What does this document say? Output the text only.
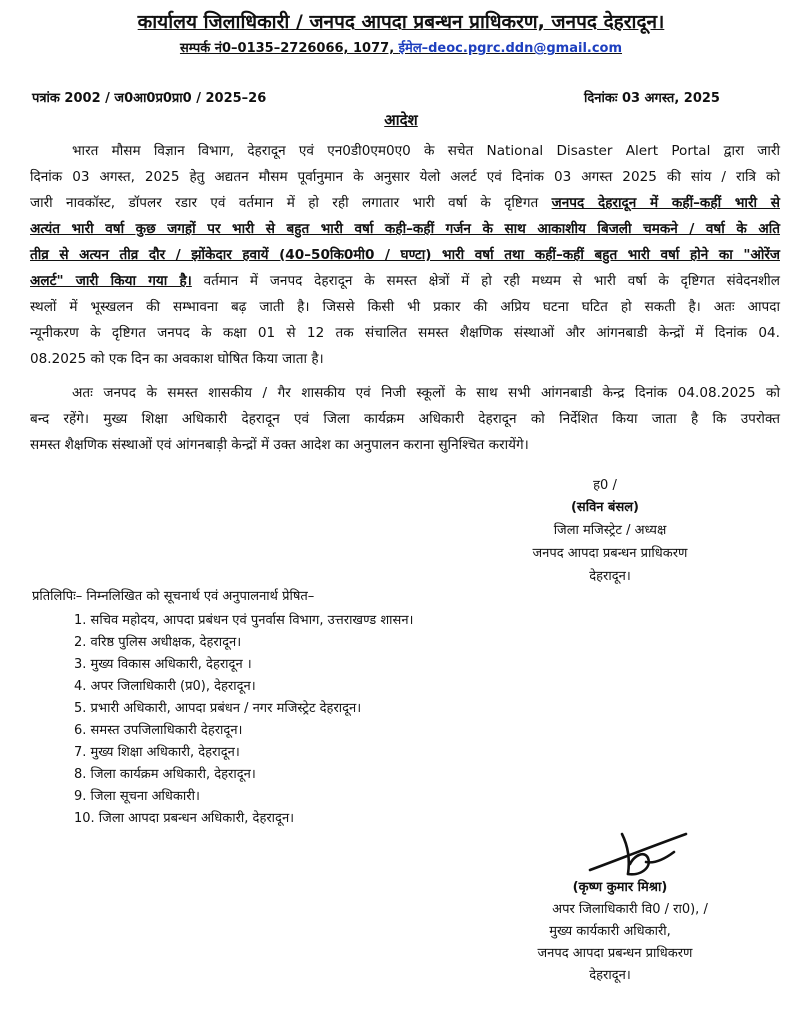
कार्यालय जिलाधिकारी / जनपद आपदा प्रबन्धन प्राधिकरण, जनपद देहरादून।
सम्पर्क नं0–0135–2726066, 1077, ईमेल–deoc.pgrc.ddn@gmail.com
पत्रांक 2002 / ज0आ0प्र0प्रा0 / 2025–26	दिनांकः 03 अगस्त, 2025
आदेश
भारत मौसम विज्ञान विभाग, देहरादून एवं एन0डी0एम0ए0 के सचेत National Disaster Alert Portal द्वारा जारी
दिनांक 03 अगस्त, 2025 हेतु अद्यतन मौसम पूर्वानुमान के अनुसार येलो अलर्ट एवं दिनांक 03 अगस्त 2025 की सांय / रात्रि को
जारी नावकॉस्ट, डॉपलर रडार एवं वर्तमान में हो रही लगातार भारी वर्षा के दृष्टिगत जनपद देहरादून में कहीं–कहीं भारी से
अत्यंत भारी वर्षा कुछ जगहों पर भारी से बहुत भारी वर्षा कही–कहीं गर्जन के साथ आकाशीय बिजली चमकने / वर्षा के अति
तीव्र से अत्यन तीव्र दौर / झोंकेदार हवायें (40–50कि0मी0 / घण्टा) भारी वर्षा तथा कहीं–कहीं बहुत भारी वर्षा होने का "ओरेंज
अलर्ट" जारी किया गया है। वर्तमान में जनपद देहरादून के समस्त क्षेत्रों में हो रही मध्यम से भारी वर्षा के दृष्टिगत संवेदनशील
स्थलों में भूस्खलन की सम्भावना बढ़ जाती है। जिससे किसी भी प्रकार की अप्रिय घटना घटित हो सकती है। अतः आपदा
न्यूनीकरण के दृष्टिगत जनपद के कक्षा 01 से 12 तक संचालित समस्त शैक्षणिक संस्थाओं और आंगनबाडी केन्द्रों में दिनांक 04.
08.2025 को एक दिन का अवकाश घोषित किया जाता है।
अतः जनपद के समस्त शासकीय / गैर शासकीय एवं निजी स्कूलों के साथ सभी आंगनबाडी केन्द्र दिनांक 04.08.2025 को
बन्द रहेंगे। मुख्य शिक्षा अधिकारी देहरादून एवं जिला कार्यक्रम अधिकारी देहरादून को निर्देशित किया जाता है कि उपरोक्त
समस्त शैक्षणिक संस्थाओं एवं आंगनबाड़ी केन्द्रों में उक्त आदेश का अनुपालन कराना सुनिश्चित करायेंगे।
ह0 /
(सविन बंसल)
जिला मजिस्ट्रेट / अध्यक्ष
जनपद आपदा प्रबन्धन प्राधिकरण
देहरादून।
प्रतिलिपिः– निम्नलिखित को सूचनार्थ एवं अनुपालनार्थ प्रेषित–
1. सचिव महोदय, आपदा प्रबंधन एवं पुनर्वास विभाग, उत्तराखण्ड शासन।
2. वरिष्ठ पुलिस अधीक्षक, देहरादून।
3. मुख्य विकास अधिकारी, देहरादून ।
4. अपर जिलाधिकारी (प्र0), देहरादून।
5. प्रभारी अधिकारी, आपदा प्रबंधन / नगर मजिस्ट्रेट देहरादून।
6. समस्त उपजिलाधिकारी देहरादून।
7. मुख्य शिक्षा अधिकारी, देहरादून।
8. जिला कार्यक्रम अधिकारी, देहरादून।
9. जिला सूचना अधिकारी।
10. जिला आपदा प्रबन्धन अधिकारी, देहरादून।
(कृष्ण कुमार मिश्रा)
अपर जिलाधिकारी वि0 / रा0), /
मुख्य कार्यकारी अधिकारी,
जनपद आपदा प्रबन्धन प्राधिकरण
देहरादून।
